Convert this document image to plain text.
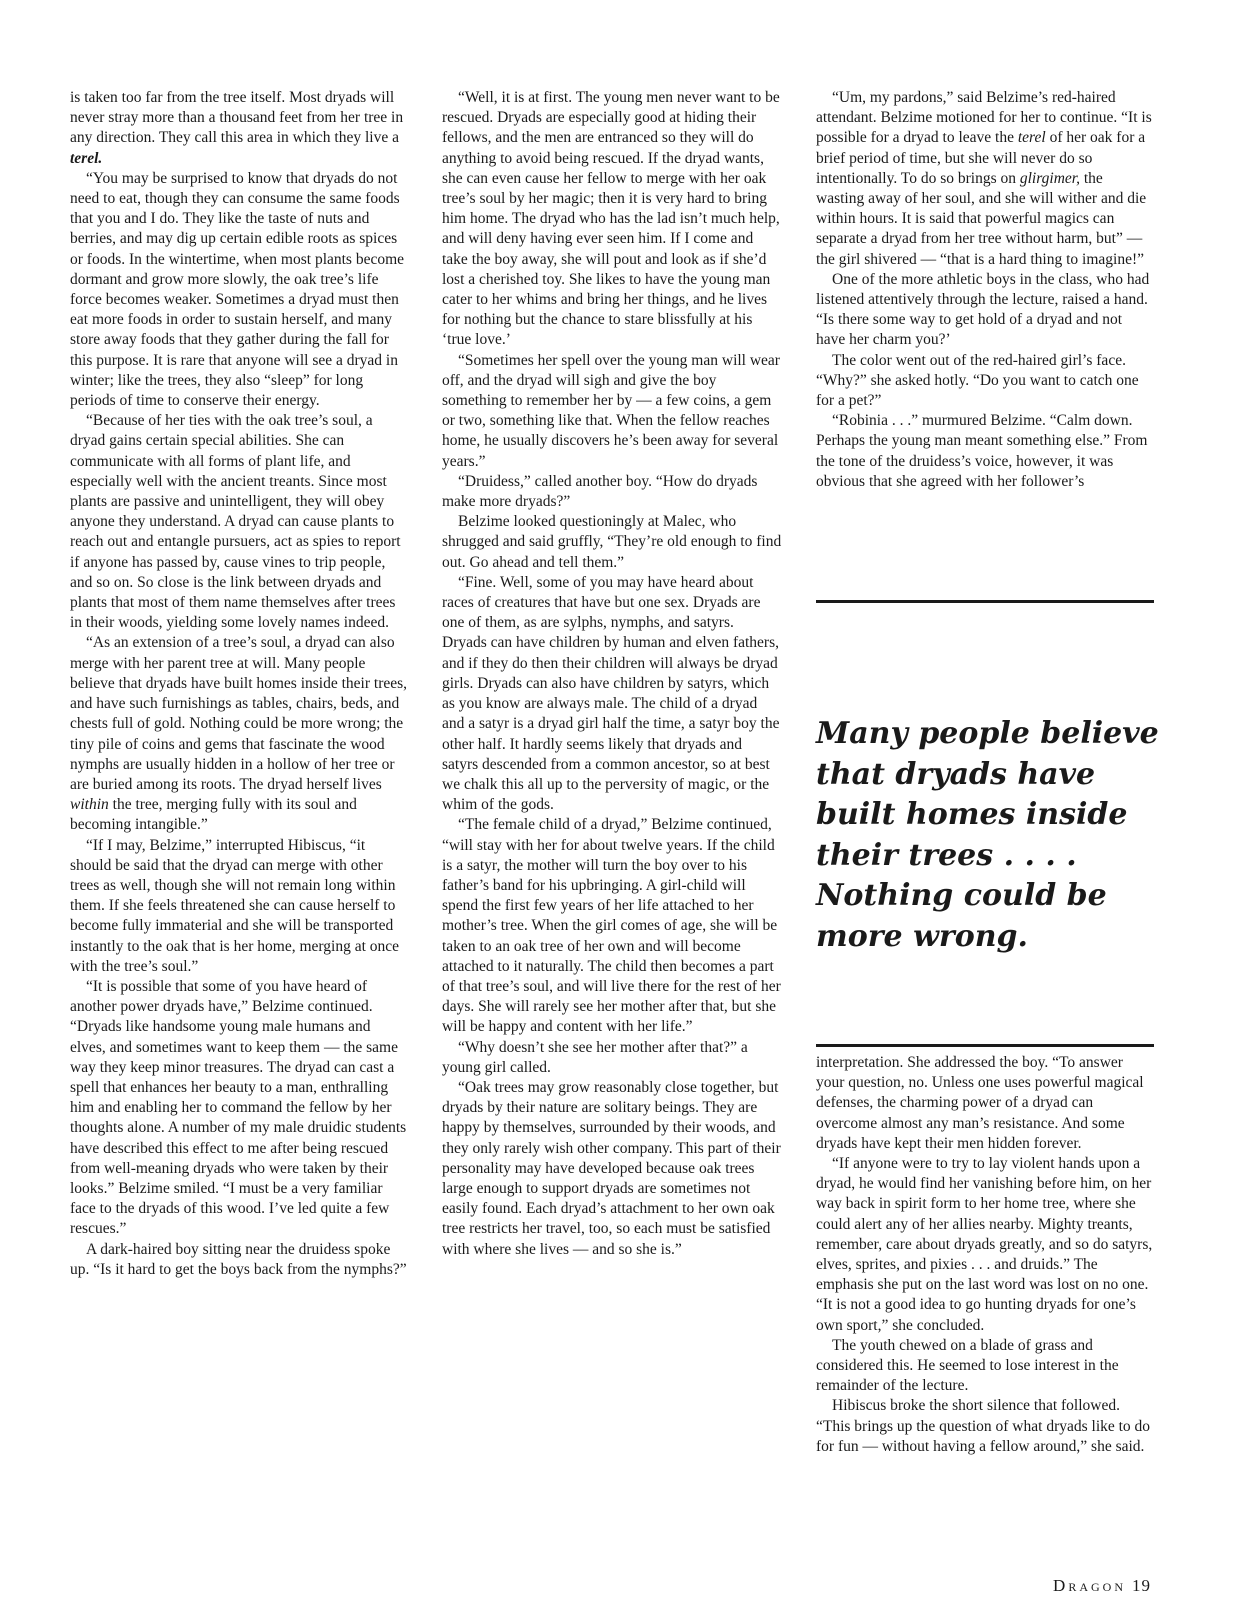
is taken too far from the tree itself. Most dryads will never stray more than a thousand feet from her tree in any direction. They call this area in which they live a terel.

“You may be surprised to know that dryads do not need to eat, though they can consume the same foods that you and I do. They like the taste of nuts and berries, and may dig up certain edible roots as spices or foods. In the wintertime, when most plants become dormant and grow more slowly, the oak tree’s life force becomes weaker. Sometimes a dryad must then eat more foods in order to sustain herself, and many store away foods that they gather during the fall for this purpose. It is rare that anyone will see a dryad in winter; like the trees, they also “sleep” for long periods of time to conserve their energy.

“Because of her ties with the oak tree’s soul, a dryad gains certain special abilities. She can communicate with all forms of plant life, and especially well with the ancient treants. Since most plants are passive and unintelligent, they will obey anyone they understand. A dryad can cause plants to reach out and entangle pursuers, act as spies to report if anyone has passed by, cause vines to trip people, and so on. So close is the link between dryads and plants that most of them name themselves after trees in their woods, yielding some lovely names indeed.

“As an extension of a tree’s soul, a dryad can also merge with her parent tree at will. Many people believe that dryads have built homes inside their trees, and have such furnishings as tables, chairs, beds, and chests full of gold. Nothing could be more wrong; the tiny pile of coins and gems that fascinate the wood nymphs are usually hidden in a hollow of her tree or are buried among its roots. The dryad herself lives within the tree, merging fully with its soul and becoming intangible.”

“If I may, Belzime,” interrupted Hibiscus, “it should be said that the dryad can merge with other trees as well, though she will not remain long within them. If she feels threatened she can cause herself to become fully immaterial and she will be transported instantly to the oak that is her home, merging at once with the tree’s soul.”

“It is possible that some of you have heard of another power dryads have,” Belzime continued. “Dryads like handsome young male humans and elves, and sometimes want to keep them — the same way they keep minor treasures. The dryad can cast a spell that enhances her beauty to a man, enthralling him and enabling her to command the fellow by her thoughts alone. A number of my male druidic students have described this effect to me after being rescued from well-meaning dryads who were taken by their looks.” Belzime smiled. “I must be a very familiar face to the dryads of this wood. I’ve led quite a few rescues.”

A dark-haired boy sitting near the druidess spoke up. “Is it hard to get the boys back from the nymphs?”

“Well, it is at first. The young men never want to be rescued. Dryads are especially good at hiding their fellows, and the men are entranced so they will do anything to avoid being rescued. If the dryad wants, she can even cause her fellow to merge with her oak tree’s soul by her magic; then it is very hard to bring him home. The dryad who has the lad isn’t much help, and will deny having ever seen him. If I come and take the boy away, she will pout and look as if she’d lost a cherished toy. She likes to have the young man cater to her whims and bring her things, and he lives for nothing but the chance to stare blissfully at his ‘true love.’

“Sometimes her spell over the young man will wear off, and the dryad will sigh and give the boy something to remember her by — a few coins, a gem or two, something like that. When the fellow reaches home, he usually discovers he’s been away for several years.”

“Druidess,” called another boy. “How do dryads make more dryads?”

Belzime looked questioningly at Malec, who shrugged and said gruffly, “They’re old enough to find out. Go ahead and tell them.”

“Fine. Well, some of you may have heard about races of creatures that have but one sex. Dryads are one of them, as are sylphs, nymphs, and satyrs. Dryads can have children by human and elven fathers, and if they do then their children will always be dryad girls. Dryads can also have children by satyrs, which as you know are always male. The child of a dryad and a satyr is a dryad girl half the time, a satyr boy the other half. It hardly seems likely that dryads and satyrs descended from a common ancestor, so at best we chalk this all up to the perversity of magic, or the whim of the gods.

“The female child of a dryad,” Belzime continued, “will stay with her for about twelve years. If the child is a satyr, the mother will turn the boy over to his father’s band for his upbringing. A girl-child will spend the first few years of her life attached to her mother’s tree. When the girl comes of age, she will be taken to an oak tree of her own and will become attached to it naturally. The child then becomes a part of that tree’s soul, and will live there for the rest of her days. She will rarely see her mother after that, but she will be happy and content with her life.”

“Why doesn’t she see her mother after that?” a young girl called.

“Oak trees may grow reasonably close together, but dryads by their nature are solitary beings. They are happy by themselves, surrounded by their woods, and they only rarely wish other company. This part of their personality may have developed because oak trees large enough to support dryads are sometimes not easily found. Each dryad’s attachment to her own oak tree restricts her travel, too, so each must be satisfied with where she lives — and so she is.”

“Um, my pardons,” said Belzime’s red-haired attendant. Belzime motioned for her to continue. “It is possible for a dryad to leave the terel of her oak for a brief period of time, but she will never do so intentionally. To do so brings on glirgimer, the wasting away of her soul, and she will wither and die within hours. It is said that powerful magics can separate a dryad from her tree without harm, but” — the girl shivered — “that is a hard thing to imagine!”

One of the more athletic boys in the class, who had listened attentively through the lecture, raised a hand. “Is there some way to get hold of a dryad and not have her charm you?’

The color went out of the red-haired girl’s face. “Why?” she asked hotly. “Do you want to catch one for a pet?”

“Robinia . . .” murmured Belzime. “Calm down. Perhaps the young man meant something else.” From the tone of the druidess’s voice, however, it was obvious that she agreed with her follower’s

Many people believe that dryads have built homes inside their trees . . . . Nothing could be more wrong.

interpretation. She addressed the boy. “To answer your question, no. Unless one uses powerful magical defenses, the charming power of a dryad can overcome almost any man’s resistance. And some dryads have kept their men hidden forever.

“If anyone were to try to lay violent hands upon a dryad, he would find her vanishing before him, on her way back in spirit form to her home tree, where she could alert any of her allies nearby. Mighty treants, remember, care about dryads greatly, and so do satyrs, elves, sprites, and pixies . . . and druids.” The emphasis she put on the last word was lost on no one. “It is not a good idea to go hunting dryads for one’s own sport,” she concluded.

The youth chewed on a blade of grass and considered this. He seemed to lose interest in the remainder of the lecture.

Hibiscus broke the short silence that followed. “This brings up the question of what dryads like to do for fun — without having a fellow around,” she said.

Dragon 19
